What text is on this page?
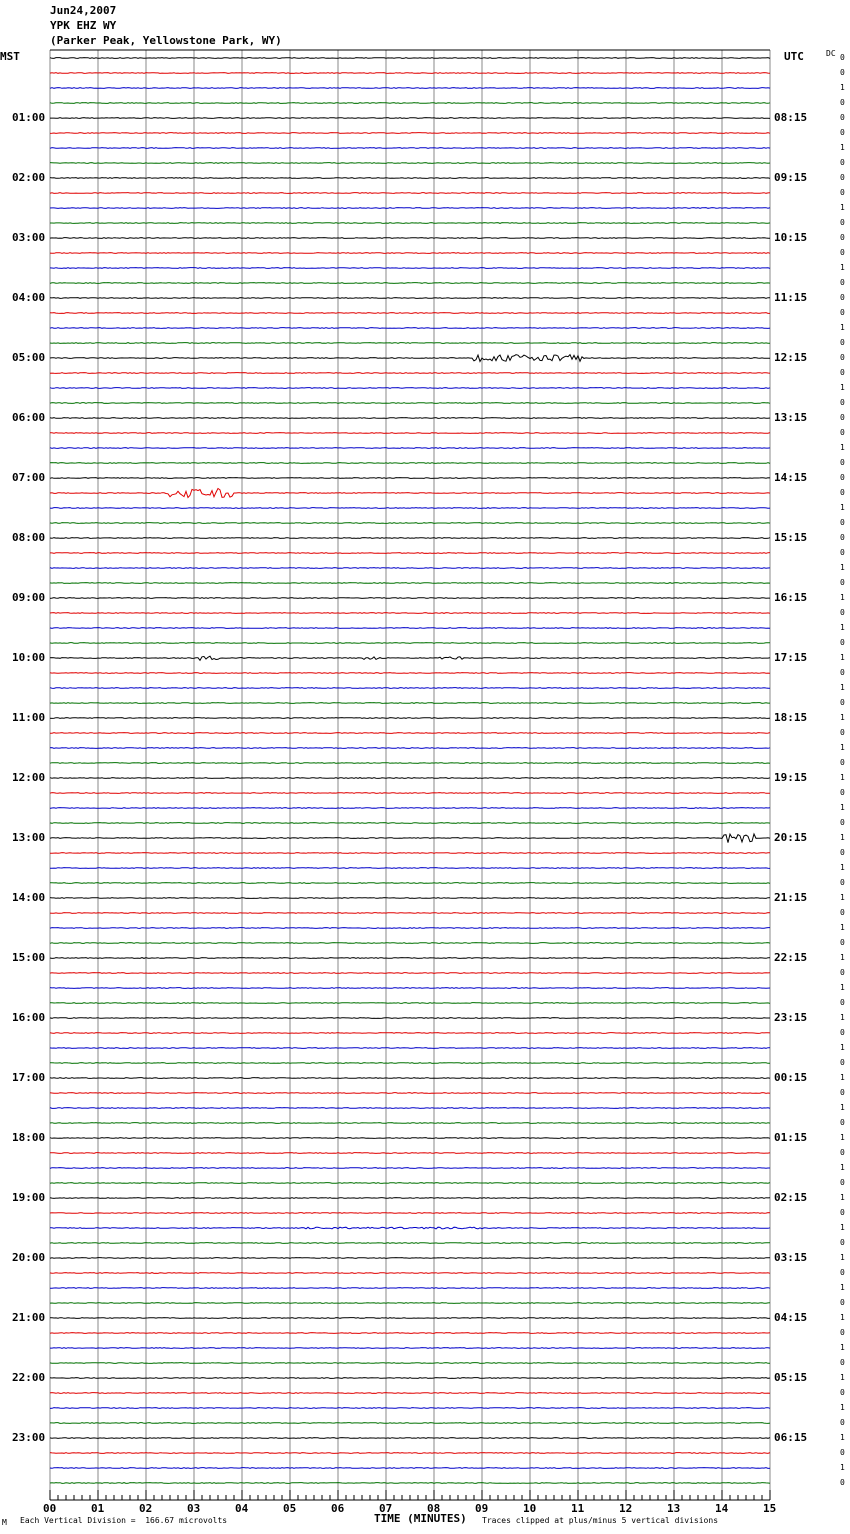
Jun24,2007
YPK EHZ WY
(Parker Peak, Yellowstone Park, WY)
MST	UTC	DC
01:00
02:00
03:00
04:00
05:00
06:00
07:00
08:00
09:00
10:00
11:00
12:00
13:00
14:00
15:00
16:00
17:00
18:00
19:00
20:00
21:00
22:00
23:00
08:15
09:15
10:15
11:15
12:15
13:15
14:15
15:15
16:15
17:15
18:15
19:15
20:15
21:15
22:15
23:15
00:15
01:15
02:15
03:15
04:15
05:15
06:15
0
0
1
0
0
0
1
0
0
0
1
0
0
0
1
0
0
0
1
0
0
0
1
0
0
0
1
0
0
0
1
0
0
0
1
0
1
0
1
0
1
0
1
0
1
0
1
0
1
0
1
0
1
0
1
0
1
0
1
0
1
0
1
0
1
0
1
0
1
0
1
0
1
0
1
0
1
0
1
0
1
0
1
0
1
0
1
0
1
0
1
0
1
0
1
0
00	01	02	03	04	05	06	07	08	09	10	11	12	13	14	15
M Each Vertical Division =  166.67 microvolts	TIME (MINUTES) Traces clipped at plus/minus 5 vertical divisions
